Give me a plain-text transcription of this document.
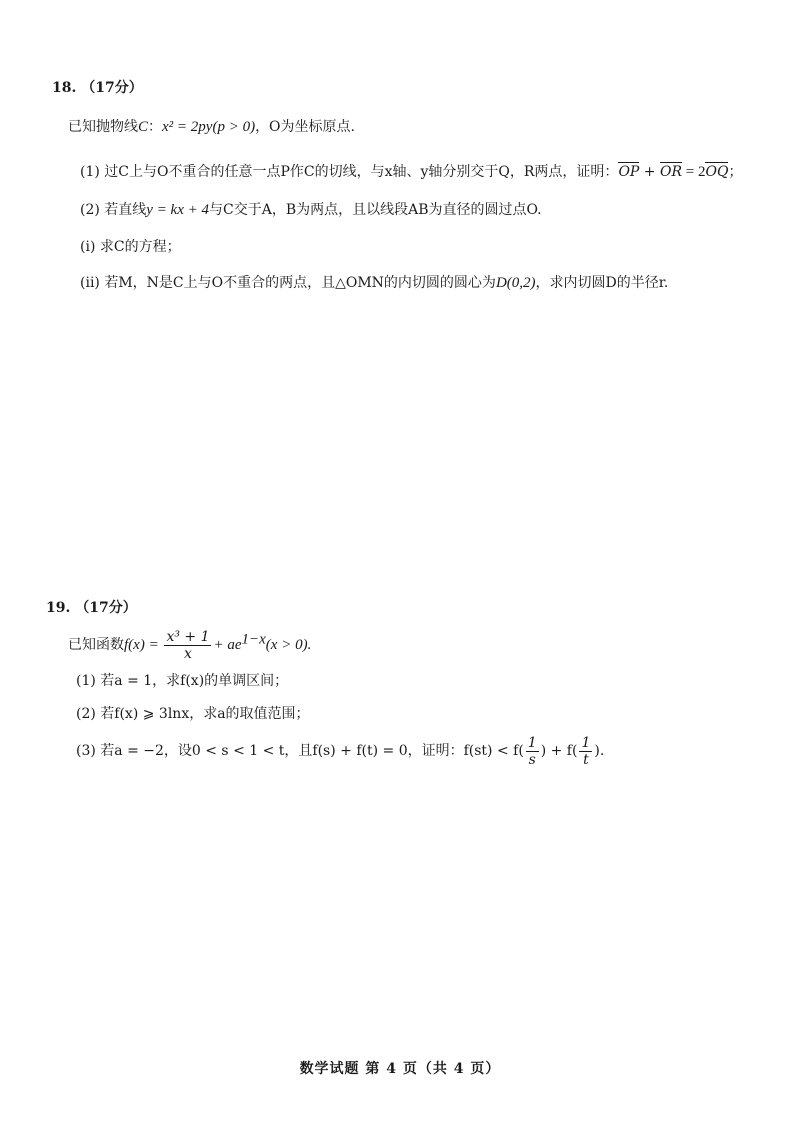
18. （17分）
已知抛物线C：x² = 2py(p > 0)，O为坐标原点.
(1) 过C上与O不重合的任意一点P作C的切线，与x轴、y轴分别交于Q，R两点，证明：OP + OR = 2OQ；
(2) 若直线y = kx + 4与C交于A，B为两点，且以线段AB为直径的圆过点O.
(i) 求C的方程；
(ii) 若M，N是C上与O不重合的两点，且△OMN的内切圆的圆心为D(0,2)，求内切圆D的半径r.
19. （17分）
已知函数$f(x) = \frac{\text{x³ + 1}}{x} + ae^{1-x}(x > 0)$.
(1) 若a = 1，求f(x)的单调区间；
(2) 若f(x) ⩾ 3lnx，求a的取值范围；
(3) 若a = −2，设0 < s < 1 < t，且f(s) + f(t) = 0，证明：$f(st) < f( \frac{1}{s}$ ) + $f( \frac{1}{t}$ ).
数学试题 第 4 页（共 4 页）
